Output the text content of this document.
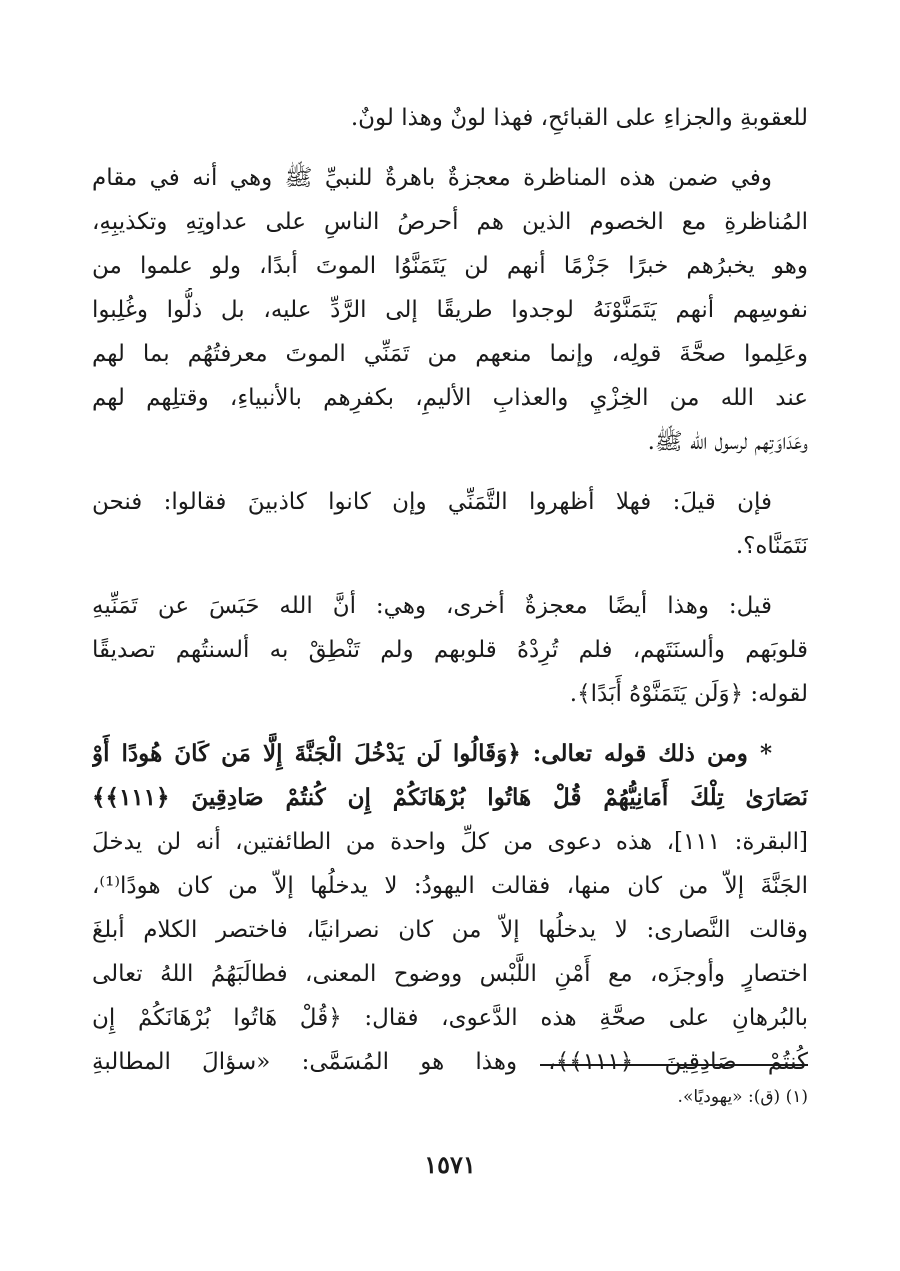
للعقوبةِ والجزاءِ على القبائحِ، فهذا لونٌ وهذا لونٌ.
وفي ضمن هذه المناظرة معجزةٌ باهرةٌ للنبيِّ ﷺ وهي أنه في مقام
المُناظرةِ مع الخصوم الذين هم أحرصُ الناسِ على عداوتِهِ وتكذيبِهِ،
وهو يخبرُهم خبرًا جَزْمًا أنهم لن يَتَمَنَّوُا الموتَ أبدًا، ولو علموا من
نفوسِهم أنهم يَتَمَنَّوْنَهُ لوجدوا طريقًا إلى الرَّدِّ عليه، بل ذلُّوا وغُلِبوا
وعَلِموا صحَّةَ قولِه، وإنما منعهم من تَمَنِّي الموتَ معرفتُهُم بما لهم
عند الله من الخِزْيِ والعذابِ الأليمِ، بكفرِهم بالأنبياءِ، وقتلِهم لهم
وعَدَاوَتِهم لرسول الله ﷺ.
فإن قيلَ: فهلا أظهروا التَّمَنِّي وإن كانوا كاذبينَ فقالوا: فنحن
نَتَمَنَّاه؟.
قيل: وهذا أيضًا معجزةٌ أخرى، وهي: أنَّ الله حَبَسَ عن تَمَنِّيهِ
قلوبَهم وألسنَتَهم، فلم تُرِدْهُ قلوبهم ولم تَنْطِقْ به ألسنتُهم تصديقًا
لقوله: ﴿وَلَن يَتَمَنَّوْهُ أَبَدًا﴾.
* ومن ذلك قوله تعالى: ﴿وَقَالُوا لَن يَدْخُلَ الْجَنَّةَ إِلَّا مَن كَانَ هُودًا أَوْ
نَصَارَىٰ تِلْكَ أَمَانِيُّهُمْ قُلْ هَاتُوا بُرْهَانَكُمْ إِن كُنتُمْ صَادِقِينَ ﴿١١١﴾﴾
[البقرة: ١١١]، هذه دعوى من كلِّ واحدة من الطائفتين، أنه لن يدخلَ
الجَنَّةَ إلاّ من كان منها، فقالت اليهودُ: لا يدخلُها إلاّ من كان هودًا⁽¹⁾،
وقالت النَّصارى: لا يدخلُها إلاّ من كان نصرانيًا، فاختصر الكلام أبلغَ
اختصارٍ وأوجزَه، مع أَمْنِ اللَّبْس ووضوح المعنى، فطالَبَهُمُ اللهُ تعالى
بالبُرهانِ على صحَّةِ هذه الدَّعوى، فقال: ﴿قُلْ هَاتُوا بُرْهَانَكُمْ إِن
كُنتُمْ صَادِقِينَ ﴿١١١﴾﴾، وهذا هو المُسَمَّى: «سؤالَ المطالبةِ
(١) (ق): «يهوديًا».
١٥٧١
